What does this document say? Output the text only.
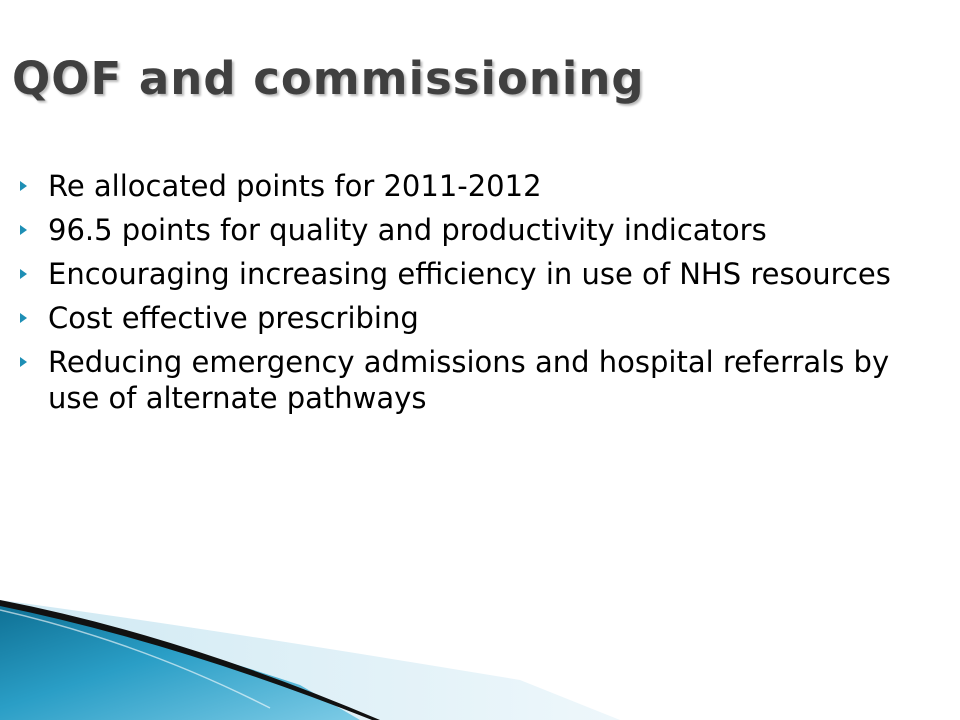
QOF and commissioning
Re allocated points for 2011-2012
96.5 points for quality and productivity indicators
Encouraging increasing efficiency in use of NHS resources
Cost effective prescribing
Reducing emergency admissions and hospital referrals by use of alternate pathways
